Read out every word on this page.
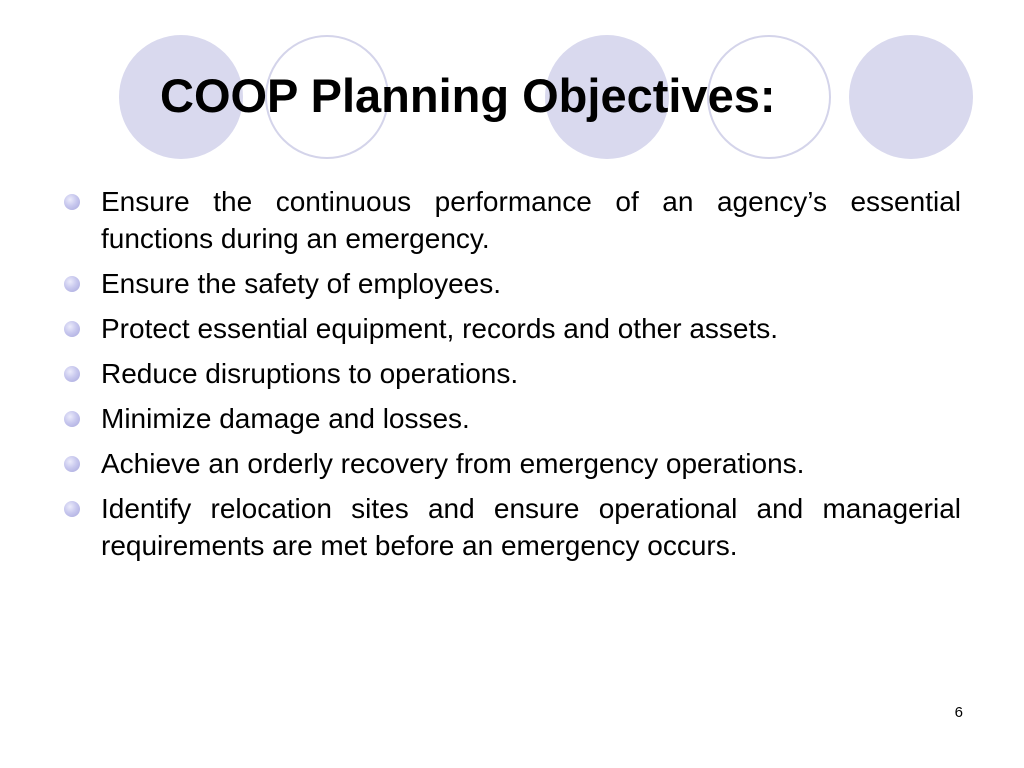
COOP Planning Objectives:
Ensure the continuous performance of an agency’s essential functions during an emergency.
Ensure the safety of employees.
Protect essential equipment, records and other assets.
Reduce disruptions to operations.
Minimize damage and losses.
Achieve an orderly recovery from emergency operations.
Identify relocation sites and ensure operational and managerial requirements are met before an emergency occurs.
6
